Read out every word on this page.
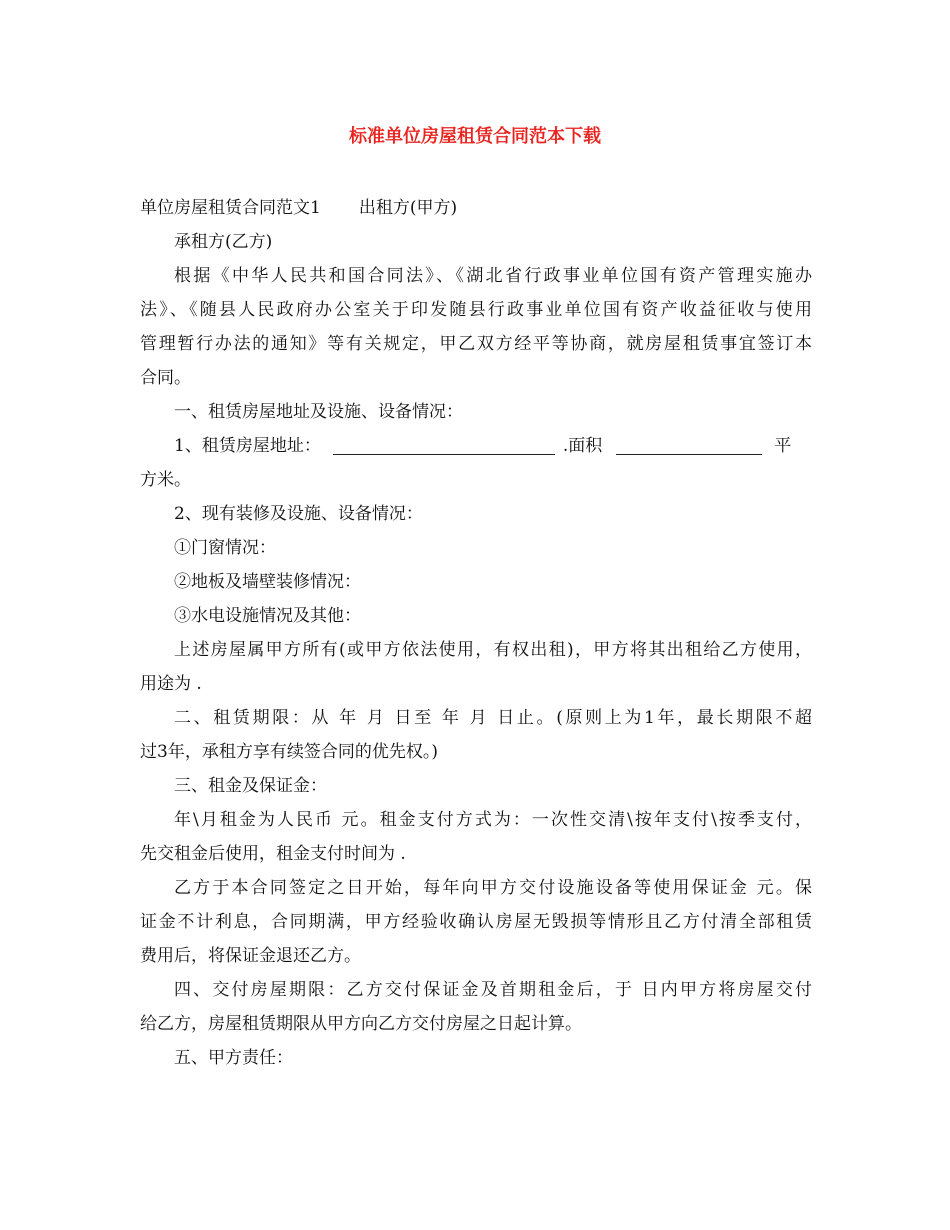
标准单位房屋租赁合同范本下载

单位房屋租赁合同范文1 出租方(甲方)

承租方(乙方)

根据《中华人民共和国合同法》、《湖北省行政事业单位国有资产管理实施办

法》、《随县人民政府办公室关于印发随县行政事业单位国有资产收益征收与使用

管理暂行办法的通知》等有关规定，甲乙双方经平等协商，就房屋租赁事宜签订本

合同。

一、租赁房屋地址及设施、设备情况：

1、租赁房屋地址：	.面积	平

方米。

2、现有装修及设施、设备情况：

①门窗情况：

②地板及墙壁装修情况：

③水电设施情况及其他：

上述房屋属甲方所有(或甲方依法使用，有权出租)，甲方将其出租给乙方使用，

用途为 .

二、租赁期限：从 年 月 日至 年 月 日止。(原则上为1年，最长期限不超

过3年，承租方享有续签合同的优先权。)

三、租金及保证金：

年\月租金为人民币 元。租金支付方式为：一次性交清\按年支付\按季支付，

先交租金后使用，租金支付时间为 .

乙方于本合同签定之日开始，每年向甲方交付设施设备等使用保证金 元。保

证金不计利息，合同期满，甲方经验收确认房屋无毁损等情形且乙方付清全部租赁

费用后，将保证金退还乙方。

四、交付房屋期限：乙方交付保证金及首期租金后，于 日内甲方将房屋交付

给乙方，房屋租赁期限从甲方向乙方交付房屋之日起计算。

五、甲方责任：
